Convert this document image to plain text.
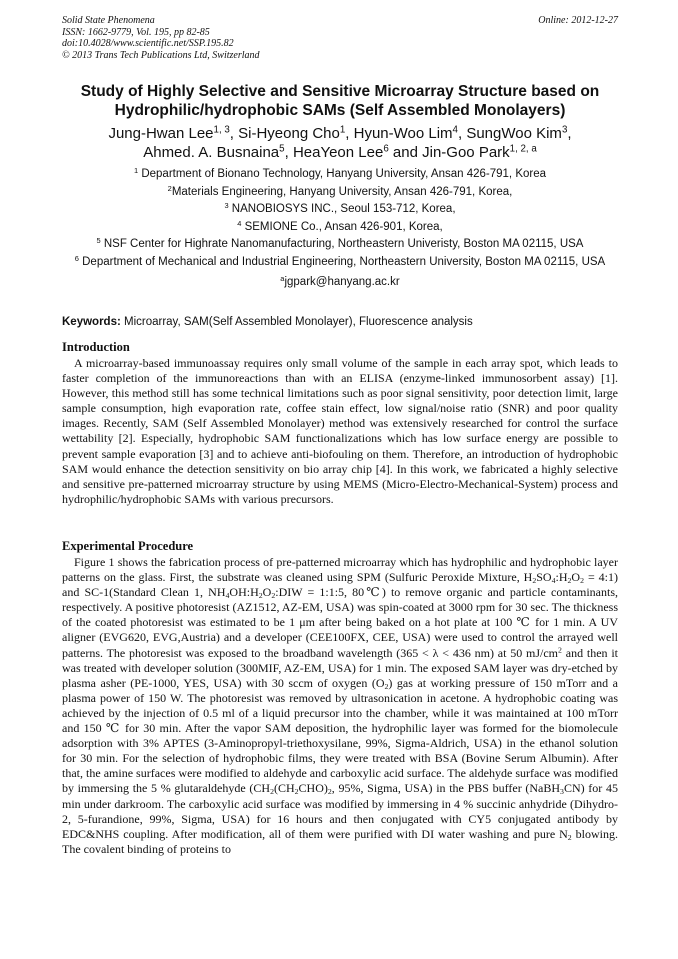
Solid State Phenomena
ISSN: 1662-9779, Vol. 195, pp 82-85
doi:10.4028/www.scientific.net/SSP.195.82
© 2013 Trans Tech Publications Ltd, Switzerland
Online: 2012-12-27
Study of Highly Selective and Sensitive Microarray Structure based on
Hydrophilic/hydrophobic SAMs (Self Assembled Monolayers)
Jung-Hwan Lee$^{1, 3}$, Si-Hyeong Cho$^1$, Hyun-Woo Lim$^4$, SungWoo Kim$^3$,
Ahmed. A. Busnaina$^5$, HeaYeon Lee$^6$ and Jin-Goo Park$^{1, 2, a}$
$^1$ Department of Bionano Technology, Hanyang University, Ansan 426-791, Korea
$^2$Materials Engineering, Hanyang University, Ansan 426-791, Korea,
$^3$ NANOBIOSYS INC., Seoul 153-712, Korea,
$^4$ SEMIONE Co., Ansan 426-901, Korea,
$^5$ NSF Center for Highrate Nanomanufacturing, Northeastern Univeristy, Boston MA 02115, USA
$^6$ Department of Mechanical and Industrial Engineering, Northeastern University, Boston MA 02115, USA
$^a$jgpark@hanyang.ac.kr
Keywords: Microarray, SAM(Self Assembled Monolayer), Fluorescence analysis
Introduction

A microarray-based immunoassay requires only small volume of the sample in each array spot, which leads to faster completion of the immunoreactions than with an ELISA (enzyme-linked immunosorbent assay) [1]. However, this method still has some technical limitations such as poor signal sensitivity, poor detection limit, large sample consumption, high evaporation rate, coffee stain effect, low signal/noise ratio (SNR) and poor quality images. Recently, SAM (Self Assembled Monolayer) method was extensively researched for control the surface wettability [2]. Especially, hydrophobic SAM functionalizations which has low surface energy are possible to prevent sample evaporation [3] and to achieve anti-biofouling on them. Therefore, an introduction of hydrophobic SAM would enhance the detection sensitivity on bio array chip [4]. In this work, we fabricated a highly selective and sensitive pre-patterned microarray structure by using MEMS (Micro-Electro-Mechanical-System) process and hydrophilic/hydrophobic SAMs with various precursors.

Experimental Procedure

Figure 1 shows the fabrication process of pre-patterned microarray which has hydrophilic and hydrophobic layer patterns on the glass. First, the substrate was cleaned using SPM (Sulfuric Peroxide Mixture, $H_2SO_4:H_2O_2$ = 4:1) and SC-1(Standard Clean 1, $NH_4OH:H_2O_2:DIW$ = 1:1:5, 80℃) to remove organic and particle contaminants, respectively. A positive photoresist (AZ1512, AZ-EM, USA) was spin-coated at 3000 rpm for 30 sec. The thickness of the coated photoresist was estimated to be 1 μm after being baked on a hot plate at 100 ℃ for 1 min. A UV aligner (EVG620, EVG,Austria) and a developer (CEE100FX, CEE, USA) were used to control the arrayed well patterns. The photoresist was exposed to the broadband wavelength (365 < λ < 436 nm) at 50 $mJ/cm^2$ and then it was treated with developer solution (300MIF, AZ-EM, USA) for 1 min. The exposed SAM layer was dry-etched by plasma asher (PE-1000, YES, USA) with 30 sccm of oxygen $(O_2)$ gas at working pressure of 150 mTorr and a plasma power of 150 W. The photoresist was removed by ultrasonication in acetone. A hydrophobic coating was achieved by the injection of 0.5 ml of a liquid precursor into the chamber, while it was maintained at 100 mTorr and 150 ℃ for 30 min. After the vapor SAM deposition, the hydrophilic layer was formed for the biomolecule adsorption with 3% APTES (3-Aminopropyl-triethoxysilane, 99%, Sigma-Aldrich, USA) in the ethanol solution for 30 min. For the selection of hydrophobic films, they were treated with BSA (Bovine Serum Albumin). After that, the amine surfaces were modified to aldehyde and carboxylic acid surface. The aldehyde surface was modified by immersing the 5 % glutaraldehyde ($CH_2(CH_2CHO)_2$, 95%, Sigma, USA) in the PBS buffer (NaBH$_3$CN) for 45 min under darkroom. The carboxylic acid surface was modified by immersing in 4 % succinic anhydride (Dihydro-2, 5-furandione, 99%, Sigma, USA) for 16 hours and then conjugated with CY5 conjugated antibody by EDC&NHS coupling. After modification, all of them were purified with DI water washing and pure $N_2$ blowing. The covalent binding of proteins to
